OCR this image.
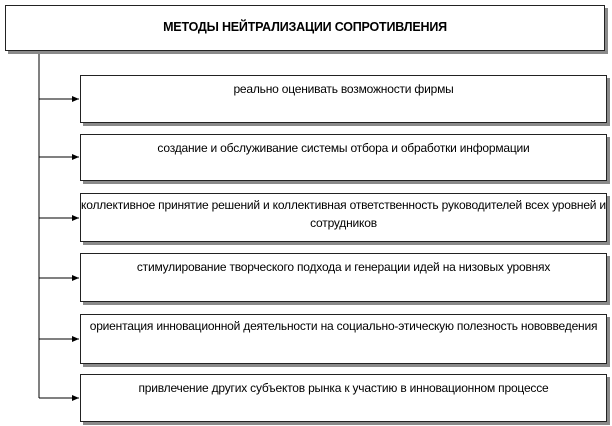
МЕТОДЫ НЕЙТРАЛИЗАЦИИ СОПРОТИВЛЕНИЯ
реально оценивать возможности фирмы
создание и обслуживание системы отбора и обработки информации
коллективное принятие решений и коллективная ответственность руководителей всех уровней и сотрудников
стимулирование творческого подхода и генерации идей на низовых уровнях
ориентация инновационной деятельности на социально-этическую полезность нововведения
привлечение других субъектов рынка к участию в инновационном процессе
